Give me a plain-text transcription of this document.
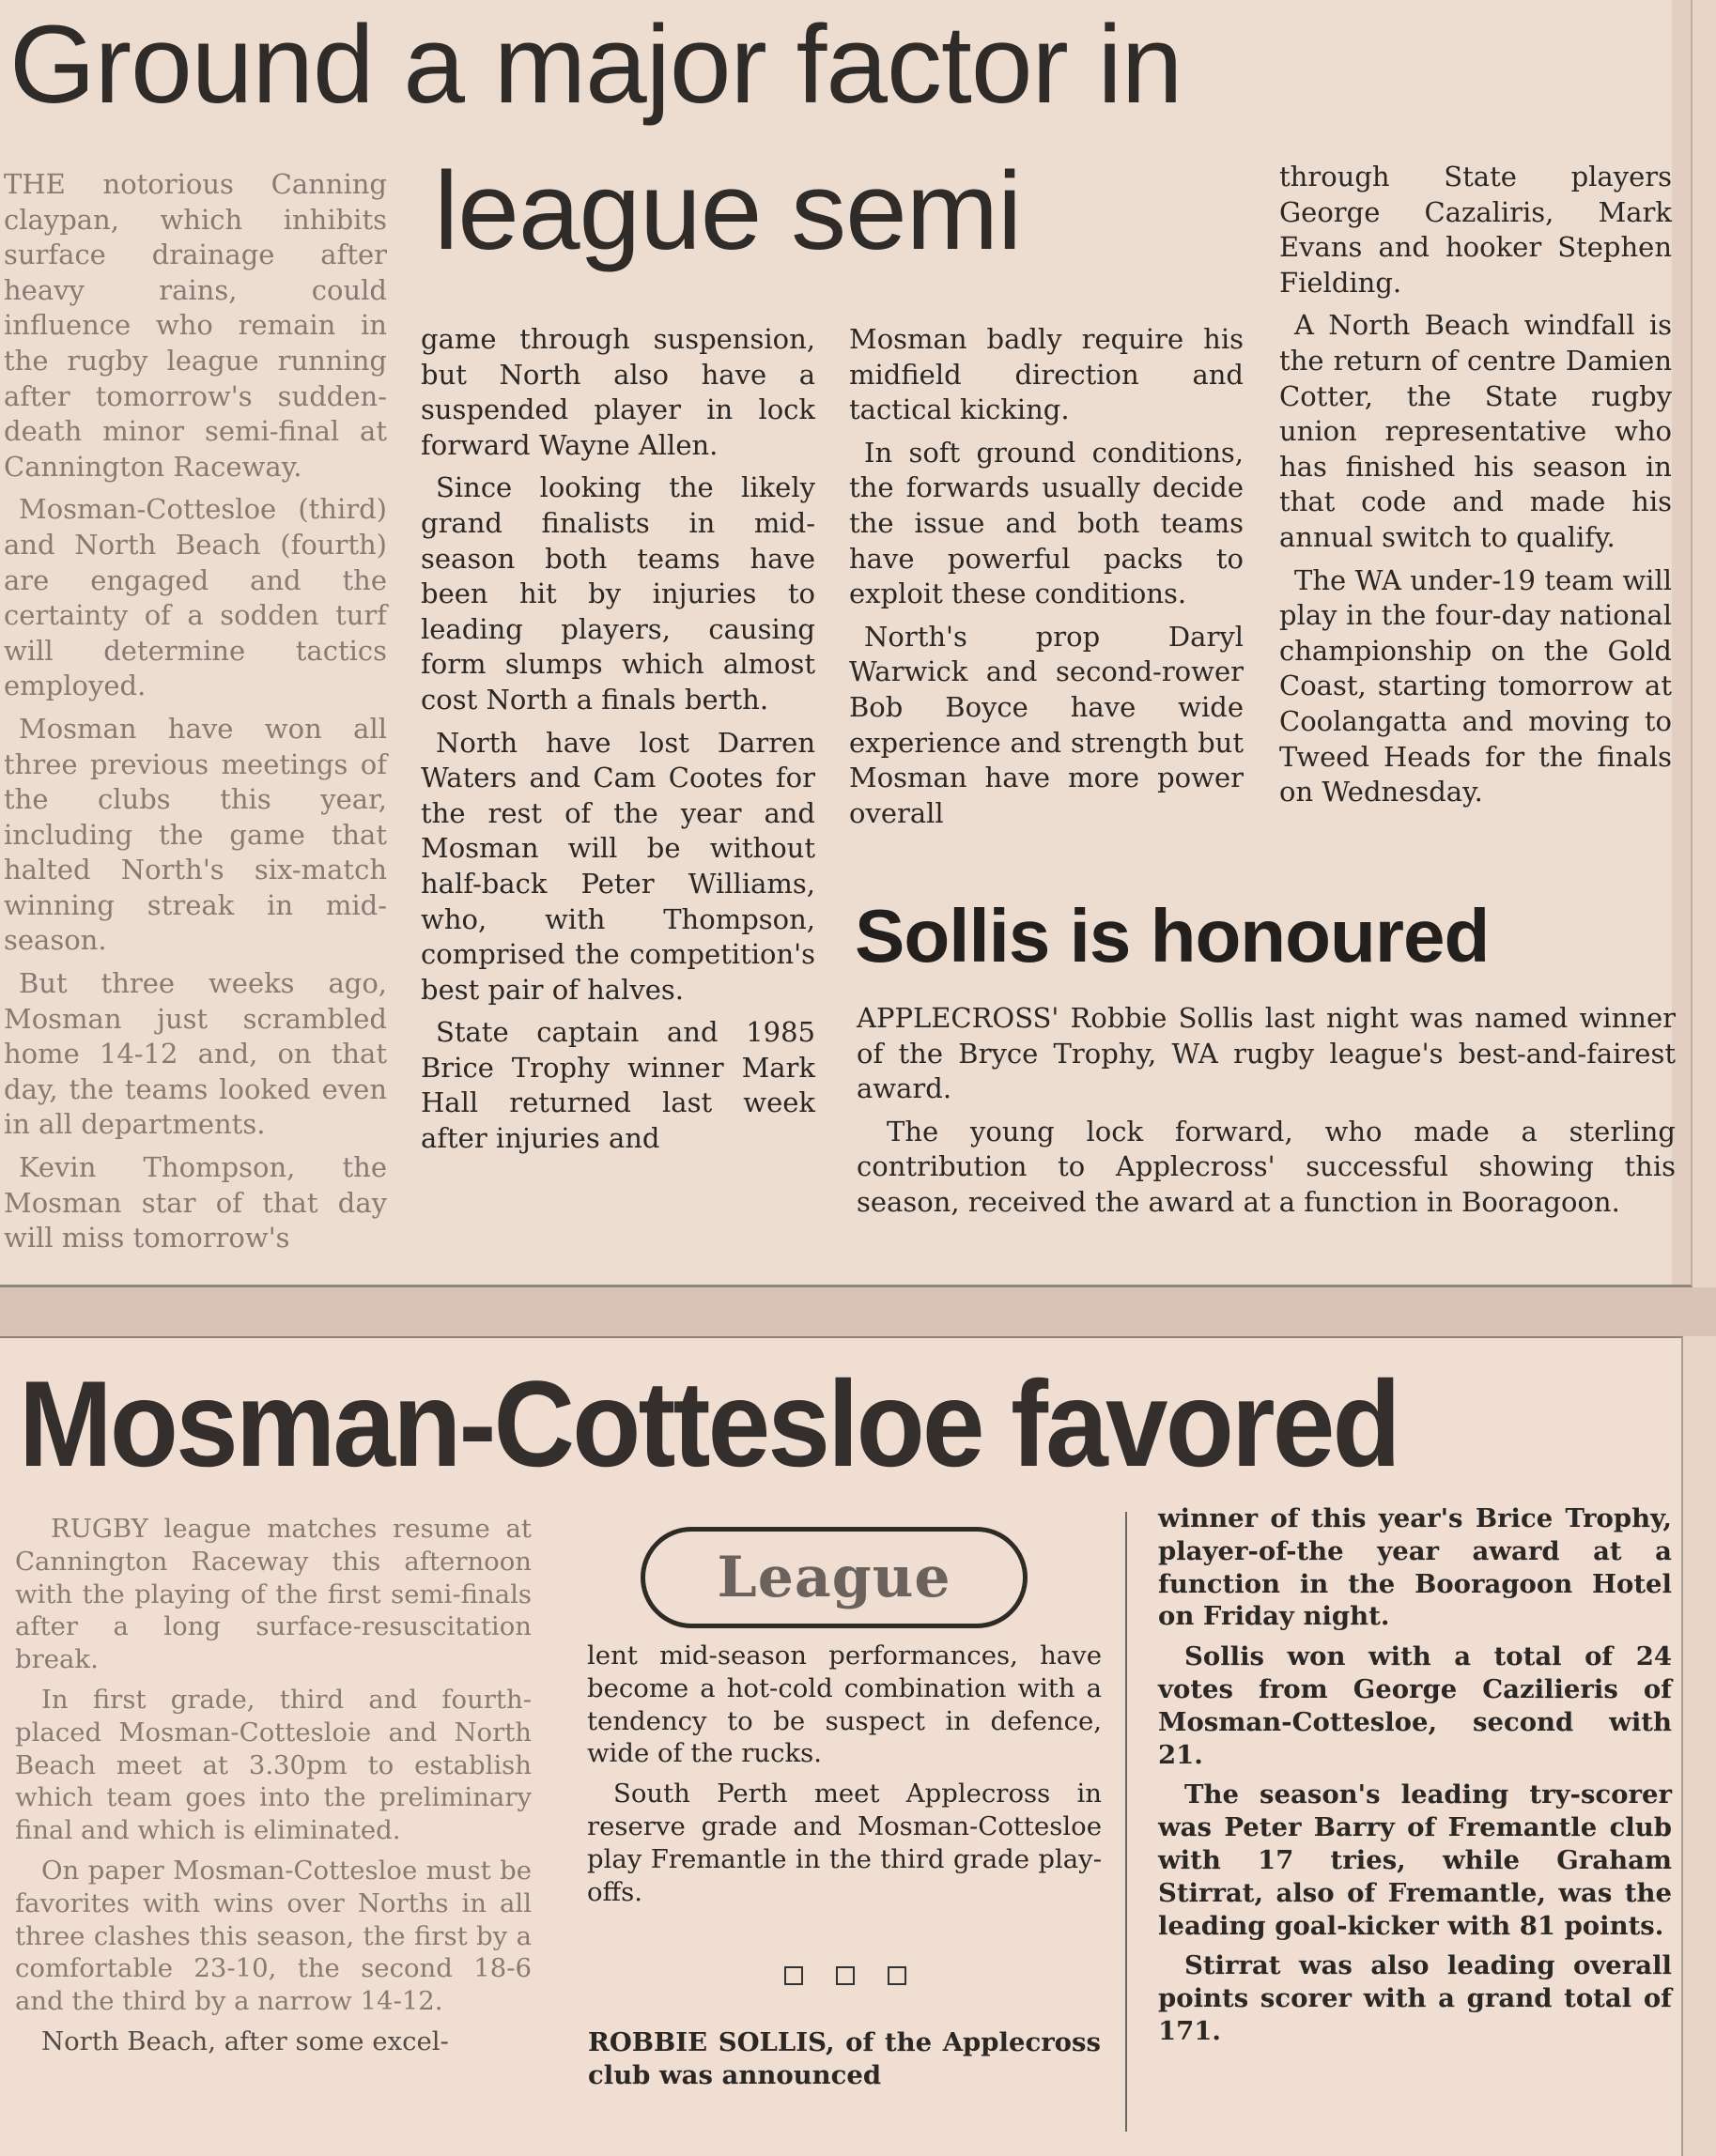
Ground a major factor in
league semi

THE notorious Canning claypan, which inhibits surface drainage after heavy rains, could influence who remain in the rugby league running after tomorrow's sudden-death minor semi-final at Cannington Raceway.

Mosman-Cottesloe (third) and North Beach (fourth) are engaged and the certainty of a sodden turf will determine tactics employed.

Mosman have won all three previous meetings of the clubs this year, including the game that halted North's six-match winning streak in mid-season.

But three weeks ago, Mosman just scrambled home 14-12 and, on that day, the teams looked even in all departments.

Kevin Thompson, the Mosman star of that day will miss tomorrow's

game through suspension, but North also have a suspended player in lock forward Wayne Allen.

Since looking the likely grand finalists in mid-season both teams have been hit by injuries to leading players, causing form slumps which almost cost North a finals berth.

North have lost Darren Waters and Cam Cootes for the rest of the year and Mosman will be without half-back Peter Williams, who, with Thompson, comprised the competition's best pair of halves.

State captain and 1985 Brice Trophy winner Mark Hall returned last week after injuries and

Mosman badly require his midfield direction and tactical kicking.

In soft ground conditions, the forwards usually decide the issue and both teams have powerful packs to exploit these conditions.

North's prop Daryl Warwick and second-rower Bob Boyce have wide experience and strength but Mosman have more power overall

through State players George Cazaliris, Mark Evans and hooker Stephen Fielding.

A North Beach windfall is the return of centre Damien Cotter, the State rugby union representative who has finished his season in that code and made his annual switch to qualify.

The WA under-19 team will play in the four-day national championship on the Gold Coast, starting tomorrow at Coolangatta and moving to Tweed Heads for the finals on Wednesday.

Sollis is honoured

APPLECROSS' Robbie Sollis last night was named winner of the Bryce Trophy, WA rugby league's best-and-fairest award.

The young lock forward, who made a sterling contribution to Applecross' successful showing this season, received the award at a function in Booragoon.

Mosman-Cottesloe favored

RUGBY league matches resume at Cannington Raceway this afternoon with the playing of the first semi-finals after a long surface-resuscitation break.

In first grade, third and fourth-placed Mosman-Cottesloie and North Beach meet at 3.30pm to establish which team goes into the preliminary final and which is eliminated.

On paper Mosman-Cottesloe must be favorites with wins over Norths in all three clashes this season, the first by a comfortable 23-10, the second 18-6 and the third by a narrow 14-12.

North Beach, after some excel-

League

lent mid-season performances, have become a hot-cold combination with a tendency to be suspect in defence, wide of the rucks.

South Perth meet Applecross in reserve grade and Mosman-Cottesloe play Fremantle in the third grade play-offs.

ROBBIE SOLLIS, of the Applecross club was announced

winner of this year's Brice Trophy, player-of-the year award at a function in the Booragoon Hotel on Friday night.

Sollis won with a total of 24 votes from George Cazilieris of Mosman-Cottesloe, second with 21.

The season's leading try-scorer was Peter Barry of Fremantle club with 17 tries, while Graham Stirrat, also of Fremantle, was the leading goal-kicker with 81 points.

Stirrat was also leading overall points scorer with a grand total of 171.
